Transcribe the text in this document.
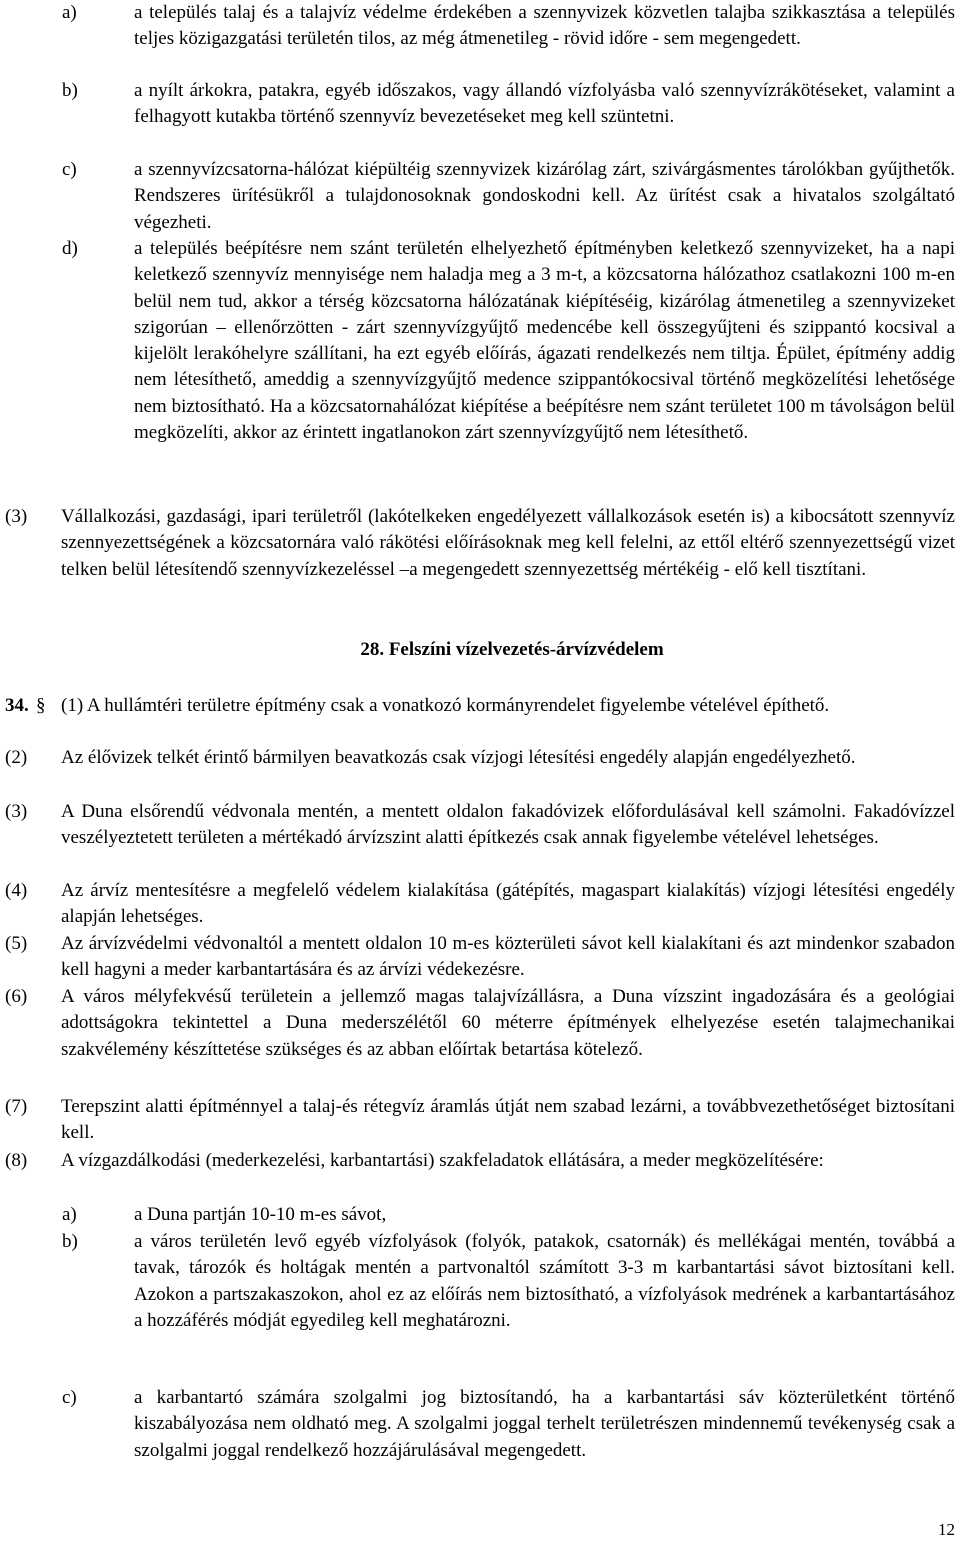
a)	a település talaj és a talajvíz védelme érdekében a szennyvizek közvetlen talajba szikkasztása a település teljes közigazgatási területén tilos, az még átmenetileg - rövid időre - sem megengedett.
b)	a nyílt árkokra, patakra, egyéb időszakos, vagy állandó vízfolyásba való szennyvízrákötéseket, valamint a felhagyott kutakba történő szennyvíz bevezetéseket meg kell szüntetni.
c)	a szennyvízcsatorna-hálózat kiépültéig szennyvizek kizárólag zárt, szivárgásmentes tárolókban gyűjthetők. Rendszeres ürítésükről a tulajdonosoknak gondoskodni kell. Az ürítést csak a hivatalos szolgáltató végezheti.
d)	a település beépítésre nem szánt területén elhelyezhető építményben keletkező szennyvizeket, ha a napi keletkező szennyvíz mennyisége nem haladja meg a 3 m-t, a közcsatorna hálózathoz csatlakozni 100 m-en belül nem tud, akkor a térség közcsatorna hálózatának kiépítéséig, kizárólag átmenetileg a szennyvizeket szigorúan – ellenőrzötten - zárt szennyvízgyűjtő medencébe kell összegyűjteni és szippantó kocsival a kijelölt lerakóhelyre szállítani, ha ezt egyéb előírás, ágazati rendelkezés nem tiltja. Épület, építmény addig nem létesíthető, ameddig a szennyvízgyűjtő medence szippantókocsival történő megközelítési lehetősége nem biztosítható. Ha a közcsatornahálózat kiépítése a beépítésre nem szánt területet 100 m távolságon belül megközelíti, akkor az érintett ingatlanokon zárt szennyvízgyűjtő nem létesíthető.
(3) Vállalkozási, gazdasági, ipari területről (lakótelkeken engedélyezett vállalkozások esetén is) a kibocsátott szennyvíz szennyezettségének a közcsatornára való rákötési előírásoknak meg kell felelni, az ettől eltérő szennyezettségű vizet telken belül létesítendő szennyvízkezeléssel –a megengedett szennyezettség mértékéig - elő kell tisztítani.
28. Felszíni vízelvezetés-árvízvédelem
34. § (1) A hullámtéri területre építmény csak a vonatkozó kormányrendelet figyelembe vételével építhető.
(2) Az élővizek telkét érintő bármilyen beavatkozás csak vízjogi létesítési engedély alapján engedélyezhető.
(3) A Duna elsőrendű védvonala mentén, a mentett oldalon fakadóvizek előfordulásával kell számolni. Fakadóvízzel veszélyeztetett területen a mértékadó árvízszint alatti építkezés csak annak figyelembe vételével lehetséges.
(4) Az árvíz mentesítésre a megfelelő védelem kialakítása (gátépítés, magaspart kialakítás) vízjogi létesítési engedély alapján lehetséges.
(5) Az árvízvédelmi védvonaltól a mentett oldalon 10 m-es közterületi sávot kell kialakítani és azt mindenkor szabadon kell hagyni a meder karbantartására és az árvízi védekezésre.
(6) A város mélyfekvésű területein a jellemző magas talajvízállásra, a Duna vízszint ingadozására és a geológiai adottságokra tekintettel a Duna mederszélétől 60 méterre építmények elhelyezése esetén talajmechanikai szakvélemény készíttetése szükséges és az abban előírtak betartása kötelező.
(7) Terepszint alatti építménnyel a talaj-és rétegvíz áramlás útját nem szabad lezárni, a továbbvezethetőséget biztosítani kell.
(8) A vízgazdálkodási (mederkezelési, karbantartási) szakfeladatok ellátására, a meder megközelítésére:
a)	a Duna partján 10-10 m-es sávot,
b)	a város területén levő egyéb vízfolyások (folyók, patakok, csatornák) és mellékágai mentén, továbbá a tavak, tározók és holtágak mentén a partvonaltól számított 3-3 m karbantartási sávot biztosítani kell. Azokon a partszakaszokon, ahol ez az előírás nem biztosítható, a vízfolyások medrének a karbantartásához a hozzáférés módját egyedileg kell meghatározni.
c)	a karbantartó számára szolgalmi jog biztosítandó, ha a karbantartási sáv közterületként történő kiszabályozása nem oldható meg. A szolgalmi joggal terhelt területrészen mindennemű tevékenység csak a szolgalmi joggal rendelkező hozzájárulásával megengedett.
12
